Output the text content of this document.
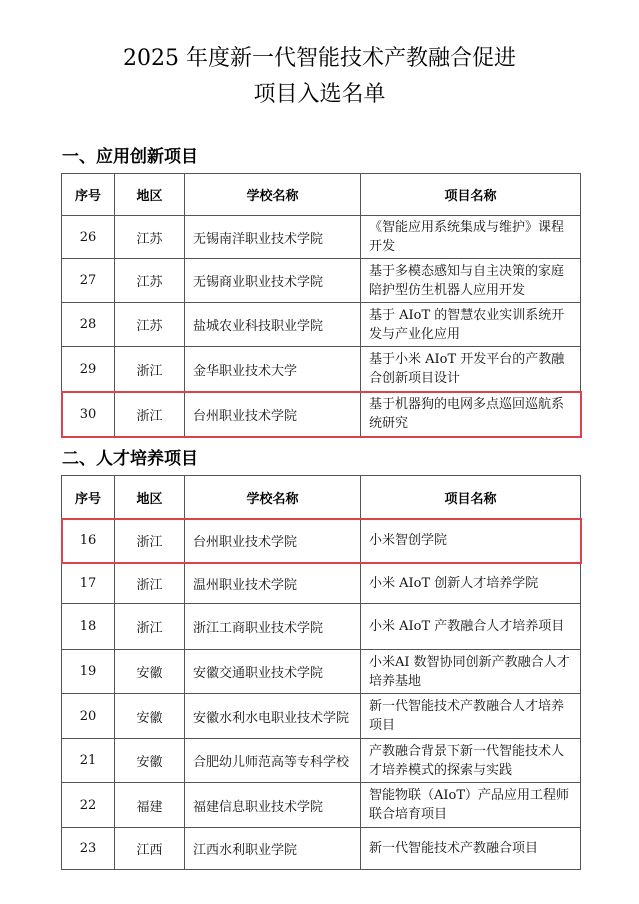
2025 年度新一代智能技术产教融合促进
项目入选名单
一、应用创新项目
序号	地区	学校名称	项目名称
26	江苏	无锡南洋职业技术学院	《智能应用系统集成与维护》课程开发
27	江苏	无锡商业职业技术学院	基于多模态感知与自主决策的家庭陪护型仿生机器人应用开发
28	江苏	盐城农业科技职业学院	基于 AIoT 的智慧农业实训系统开发与产业化应用
29	浙江	金华职业技术大学	基于小米 AIoT 开发平台的产教融合创新项目设计
30	浙江	台州职业技术学院	基于机器狗的电网多点巡回巡航系统研究
二、人才培养项目
序号	地区	学校名称	项目名称
16	浙江	台州职业技术学院	小米智创学院
17	浙江	温州职业技术学院	小米 AIoT 创新人才培养学院
18	浙江	浙江工商职业技术学院	小米 AIoT 产教融合人才培养项目
19	安徽	安徽交通职业技术学院	小米AI 数智协同创新产教融合人才培养基地
20	安徽	安徽水利水电职业技术学院	新一代智能技术产教融合人才培养项目
21	安徽	合肥幼儿师范高等专科学校	产教融合背景下新一代智能技术人才培养模式的探索与实践
22	福建	福建信息职业技术学院	智能物联（AIoT）产品应用工程师联合培育项目
23	江西	江西水利职业学院	新一代智能技术产教融合项目
